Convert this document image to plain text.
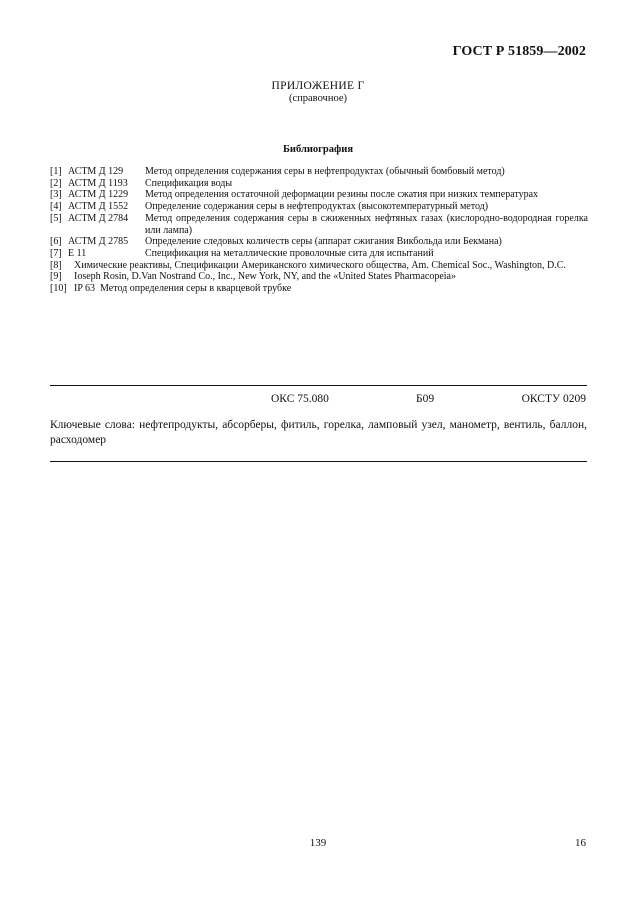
ГОСТ Р 51859—2002
ПРИЛОЖЕНИЕ Г
(справочное)
Библиография
[1] АСТМ Д 129	Метод определения содержания серы в нефтепродуктах (обычный бомбовый метод)
[2] АСТМ Д 1193	Спецификация воды
[3] АСТМ Д 1229	Метод определения остаточной деформации резины после сжатия при низких температурах
[4] АСТМ Д 1552	Определение содержания серы в нефтепродуктах (высокотемпературный метод)
[5] АСТМ Д 2784	Метод определения содержания серы в сжиженных нефтяных газах (кислородно-водородная горелка или лампа)
[6] АСТМ Д 2785	Определение следовых количеств серы (аппарат сжигания Викбольда или Бекмана)
[7] Е 11	Спецификация на металлические проволочные сита для испытаний
[8]	Химические реактивы, Спецификации Американского химического общества, Am. Chemical Soc., Washington, D.C.
[9]	Ioseph Rosin, D.Van Nostrand Co., Inc., New York, NY, and the «United States Pharmacopeia»
[10] IP 63 Метод определения серы в кварцевой трубке
ОКС 75.080	Б09	ОКСТУ 0209
Ключевые слова: нефтепродукты, абсорберы, фитиль, горелка, ламповый узел, манометр, вентиль, баллон, расходомер
139	16
